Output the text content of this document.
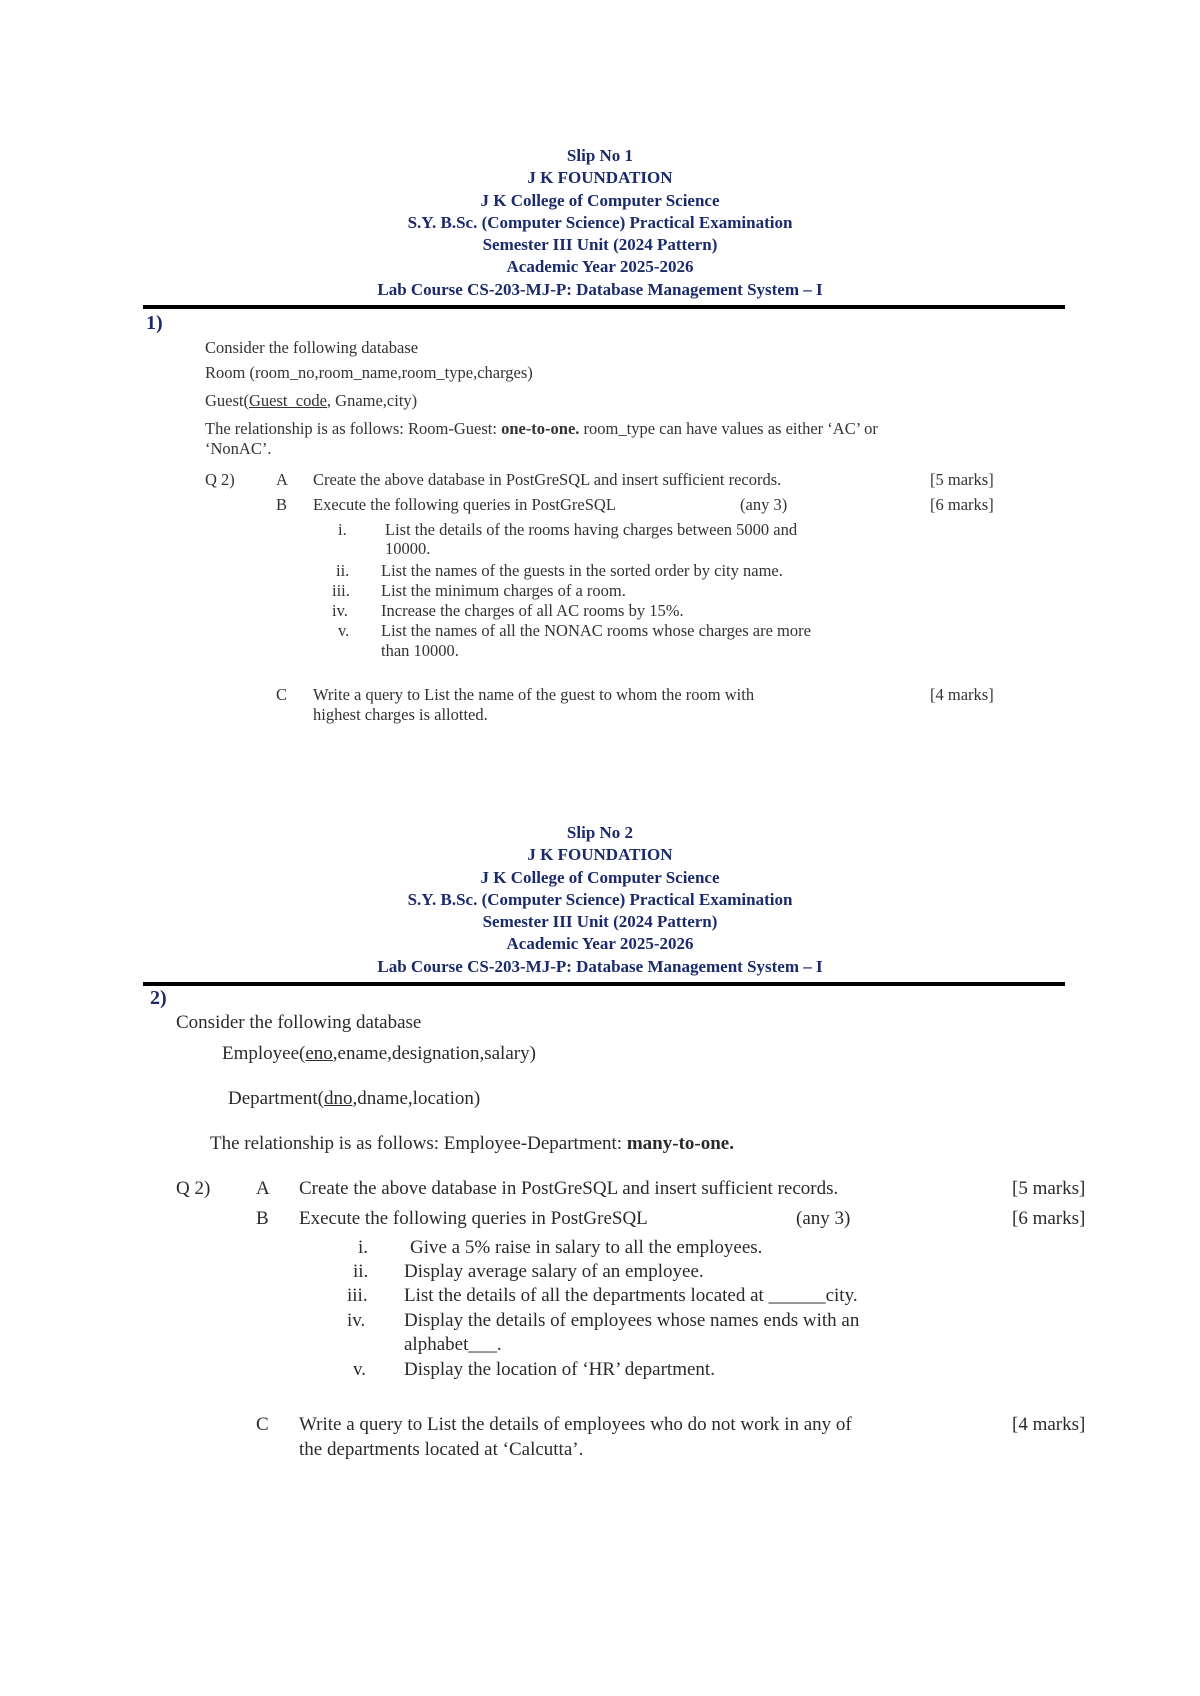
Slip No 1
J K FOUNDATION
J K College of Computer Science
S.Y. B.Sc. (Computer Science) Practical Examination
Semester III Unit (2024 Pattern)
Academic Year 2025-2026
Lab Course CS-203-MJ-P: Database Management System – I
1)
Consider the following database
Room (room_no,room_name,room_type,charges)
Guest(Guest_code, Gname,city)
The relationship is as follows: Room-Guest: one-to-one. room_type can have values as either ‘AC’ or
‘NonAC’.
Q 2) A Create the above database in PostGreSQL and insert sufficient records.	[5 marks]
B Execute the following queries in PostGreSQL	(any 3)	[6 marks]
i. List the details of the rooms having charges between 5000 and
10000.
ii. List the names of the guests in the sorted order by city name.
iii. List the minimum charges of a room.
iv. Increase the charges of all AC rooms by 15%.
v. List the names of all the NONAC rooms whose charges are more
than 10000.
C Write a query to List the name of the guest to whom the room with
highest charges is allotted.
[4 marks]
Slip No 2
J K FOUNDATION
J K College of Computer Science
S.Y. B.Sc. (Computer Science) Practical Examination
Semester III Unit (2024 Pattern)
Academic Year 2025-2026
Lab Course CS-203-MJ-P: Database Management System – I
2)
Consider the following database
Employee(eno,ename,designation,salary)
Department(dno,dname,location)
The relationship is as follows: Employee-Department: many-to-one.
Q 2) A Create the above database in PostGreSQL and insert sufficient records.	[5 marks]
B Execute the following queries in PostGreSQL	(any 3)	[6 marks]
i. Give a 5% raise in salary to all the employees.
ii. Display average salary of an employee.
iii. List the details of all the departments located at ______city.
iv. Display the details of employees whose names ends with an
alphabet___.
v. Display the location of ‘HR’ department.
C Write a query to List the details of employees who do not work in any of
the departments located at ‘Calcutta’.
[4 marks]
